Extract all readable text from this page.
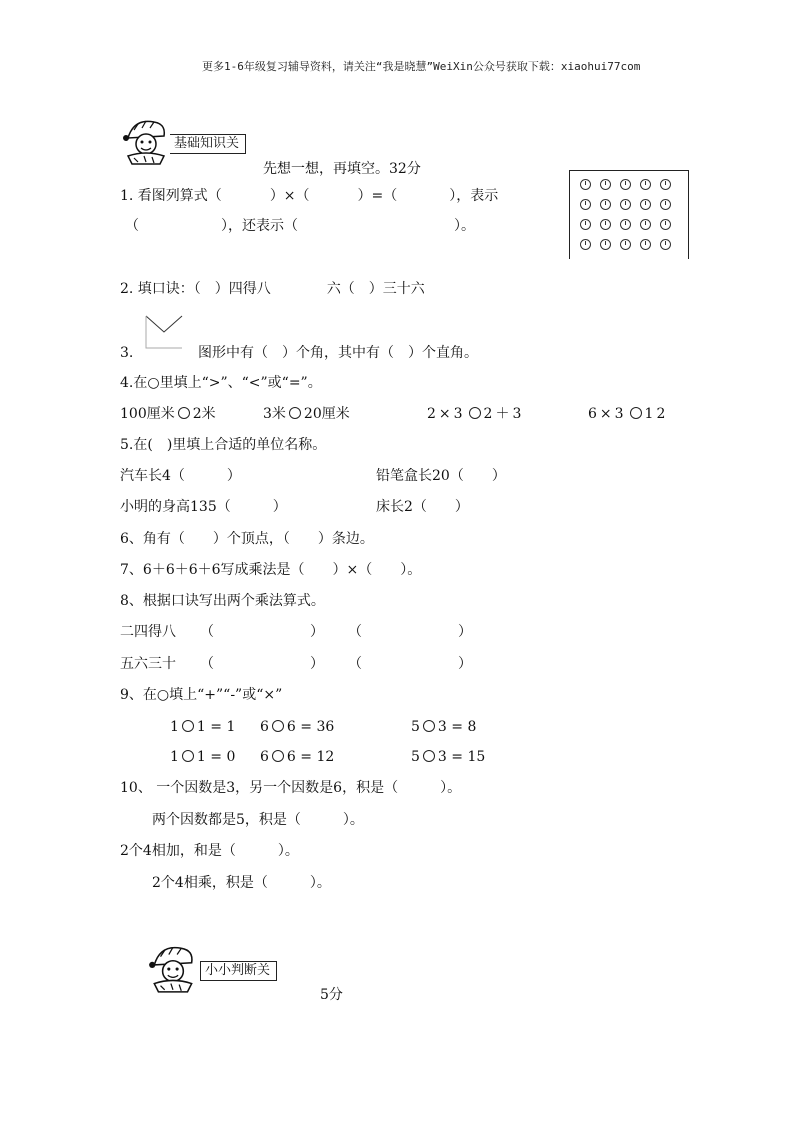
更多1-6年级复习辅导资料，请关注“我是晓慧”WeiXin公众号获取下载：xiaohui77com
基础知识关
先想一想，再填空。32分
1. 看图列算式（	）×（	）=（	），表示
（	），还表示（	）。
2. 填口诀：（　）四得八	六（　）三十六
3.	图形中有（　）个角，其中有（　）个直角。
4.在○里填上“>”、“<”或“=”。
100厘米 2米	3米 20厘米	2×3 2＋3	6×3 12
5.在(　)里填上合适的单位名称。
汽车长4（　　　）	铅笔盒长20（　　）
小明的身高135（　　　）	床长2（　　）
6、角有（　　）个顶点，（　　）条边。
7、6＋6＋6＋6写成乘法是（　　）×（　　）。
8、根据口诀写出两个乘法算式。
二四得八 （	） （	）
五六三十 （	） （	）
9、在○填上“+”“-”或“×”
1 1 = 1 6 6 = 36	5 3 = 8
1 1 = 0 6 6 = 12	5 3 = 15
10、 一个因数是3，另一个因数是6，积是（　　　）。
两个因数都是5，积是（　　　）。
2个4相加，和是（　　　）。
2个4相乘，积是（　　　）。
小小判断关
5分
